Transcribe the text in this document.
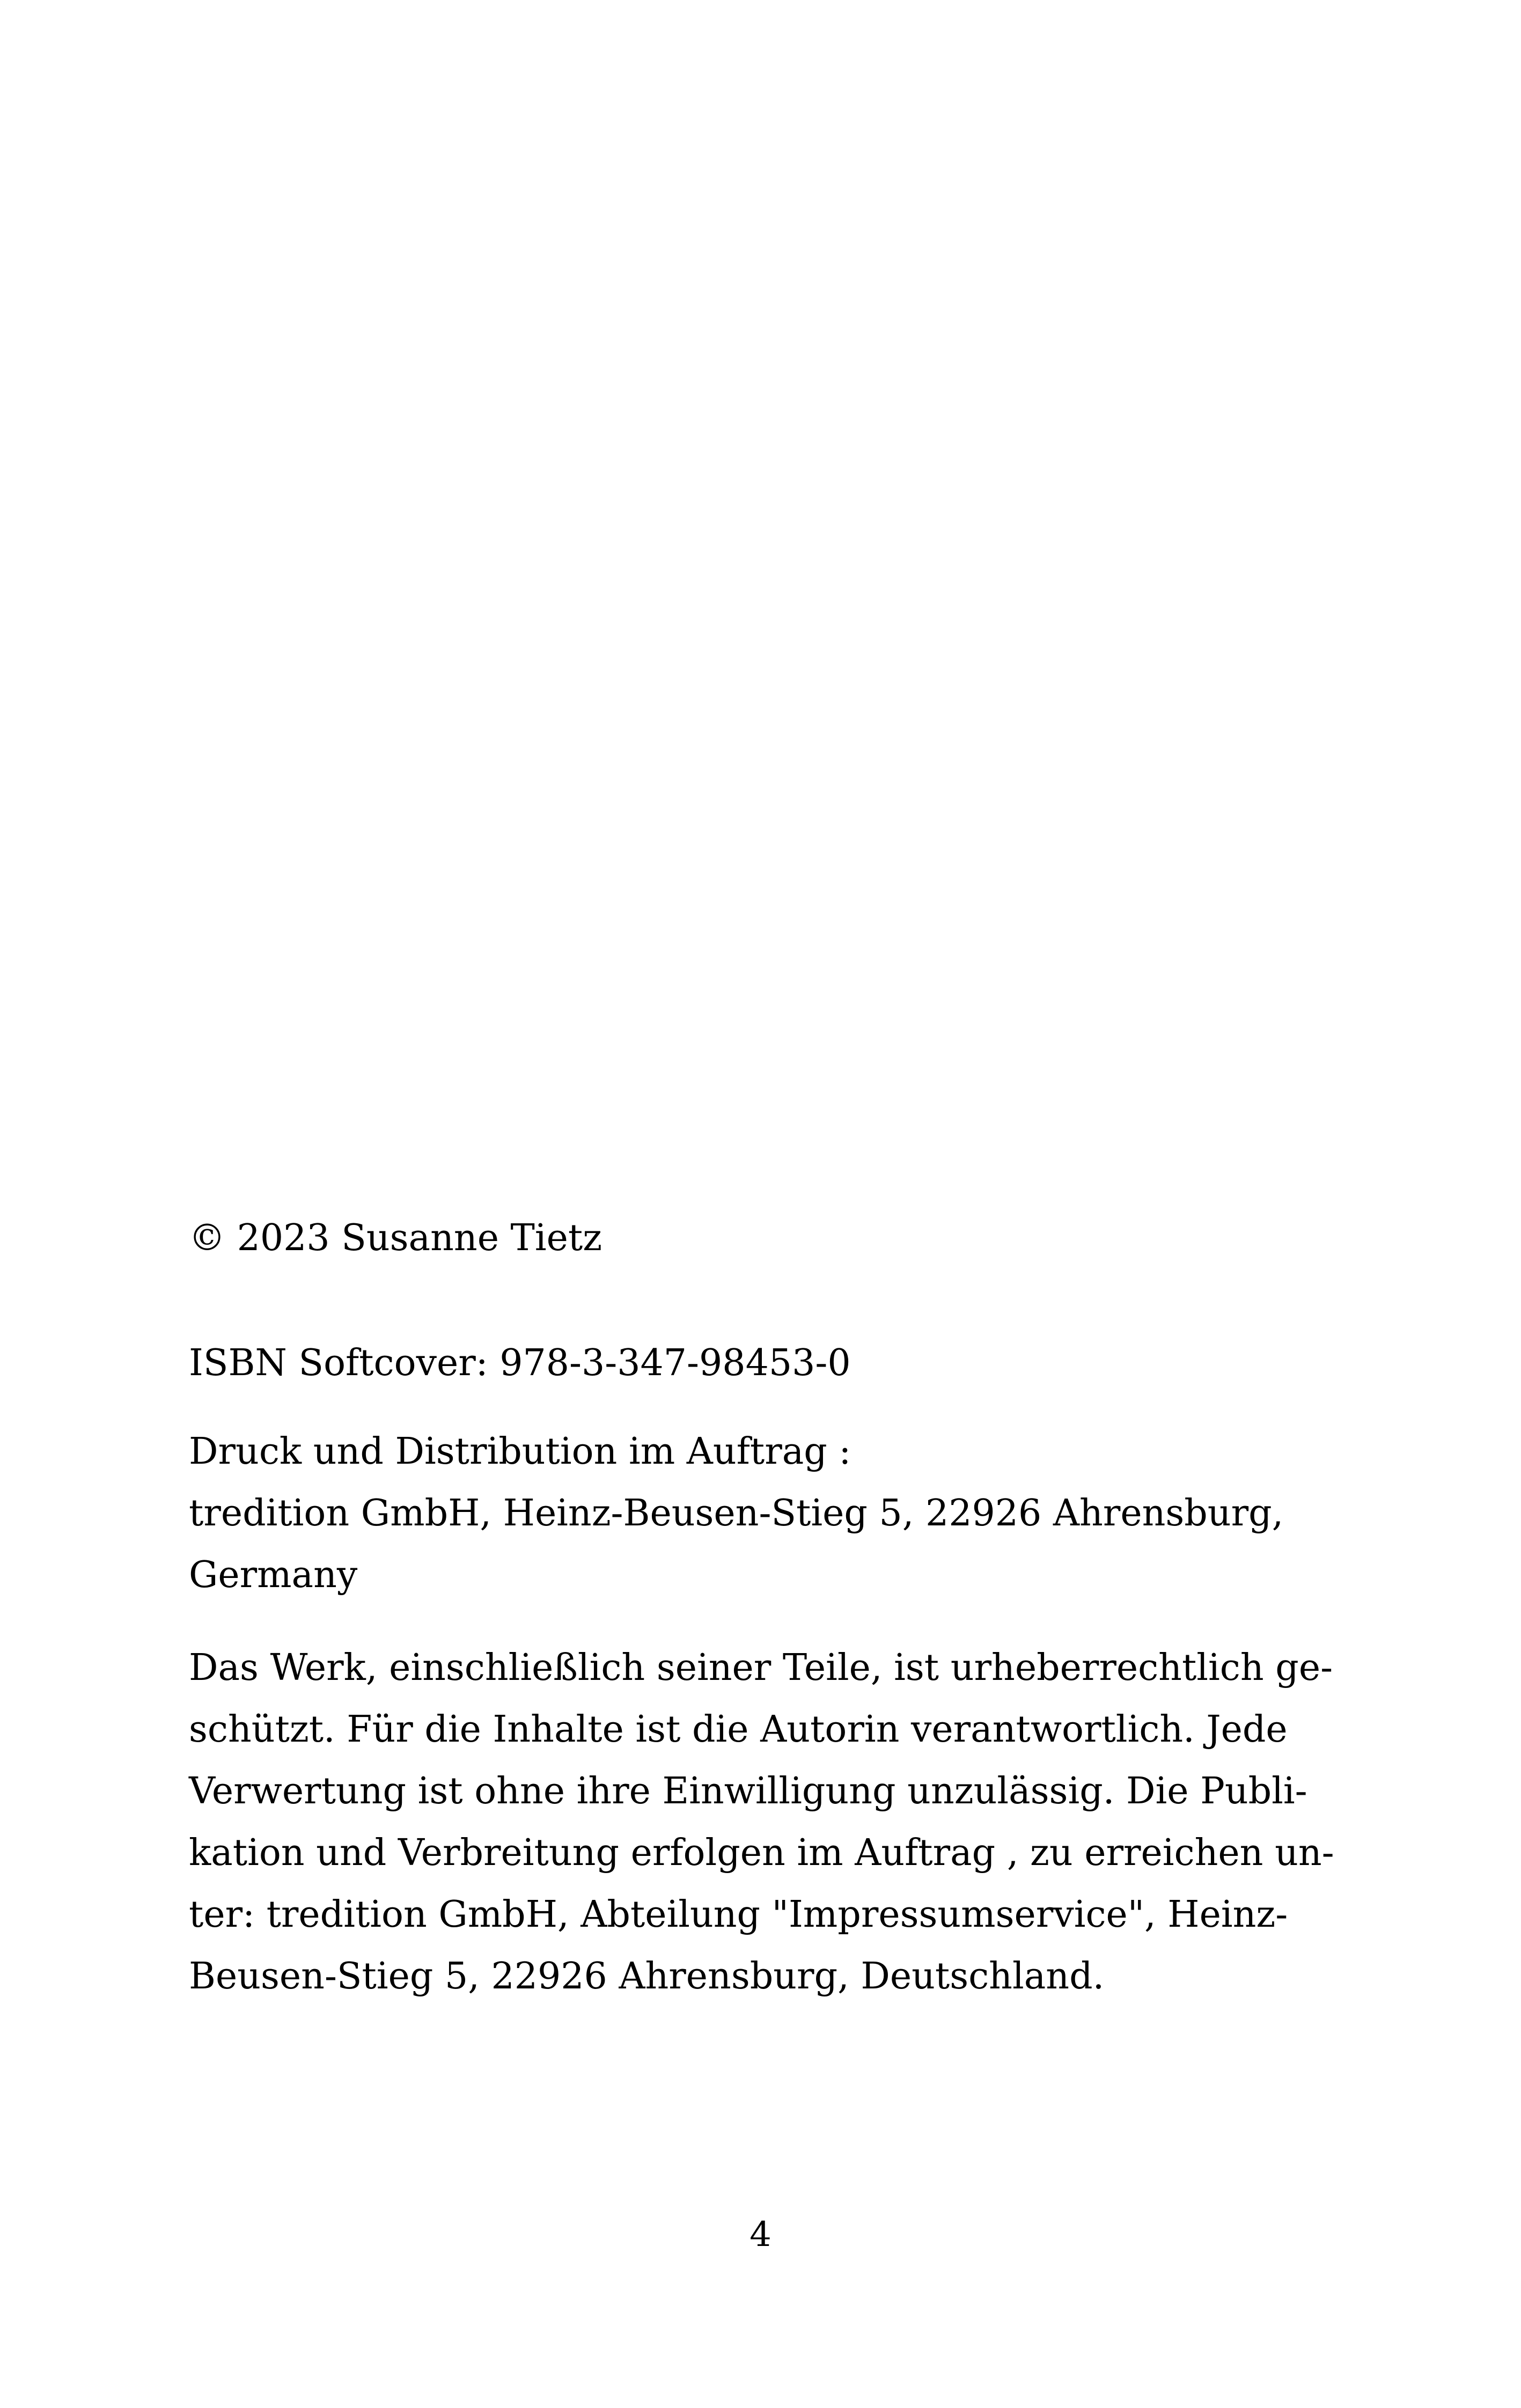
© 2023 Susanne Tietz
ISBN Softcover: 978-3-347-98453-0
Druck und Distribution im Auftrag :
tredition GmbH, Heinz-Beusen-Stieg 5, 22926 Ahrensburg,
Germany
Das Werk, einschließlich seiner Teile, ist urheberrechtlich ge-
schützt. Für die Inhalte ist die Autorin verantwortlich. Jede
Verwertung ist ohne ihre Einwilligung unzulässig. Die Publi-
kation und Verbreitung erfolgen im Auftrag , zu erreichen un-
ter: tredition GmbH, Abteilung "Impressumservice", Heinz-
Beusen-Stieg 5, 22926 Ahrensburg, Deutschland.
4
